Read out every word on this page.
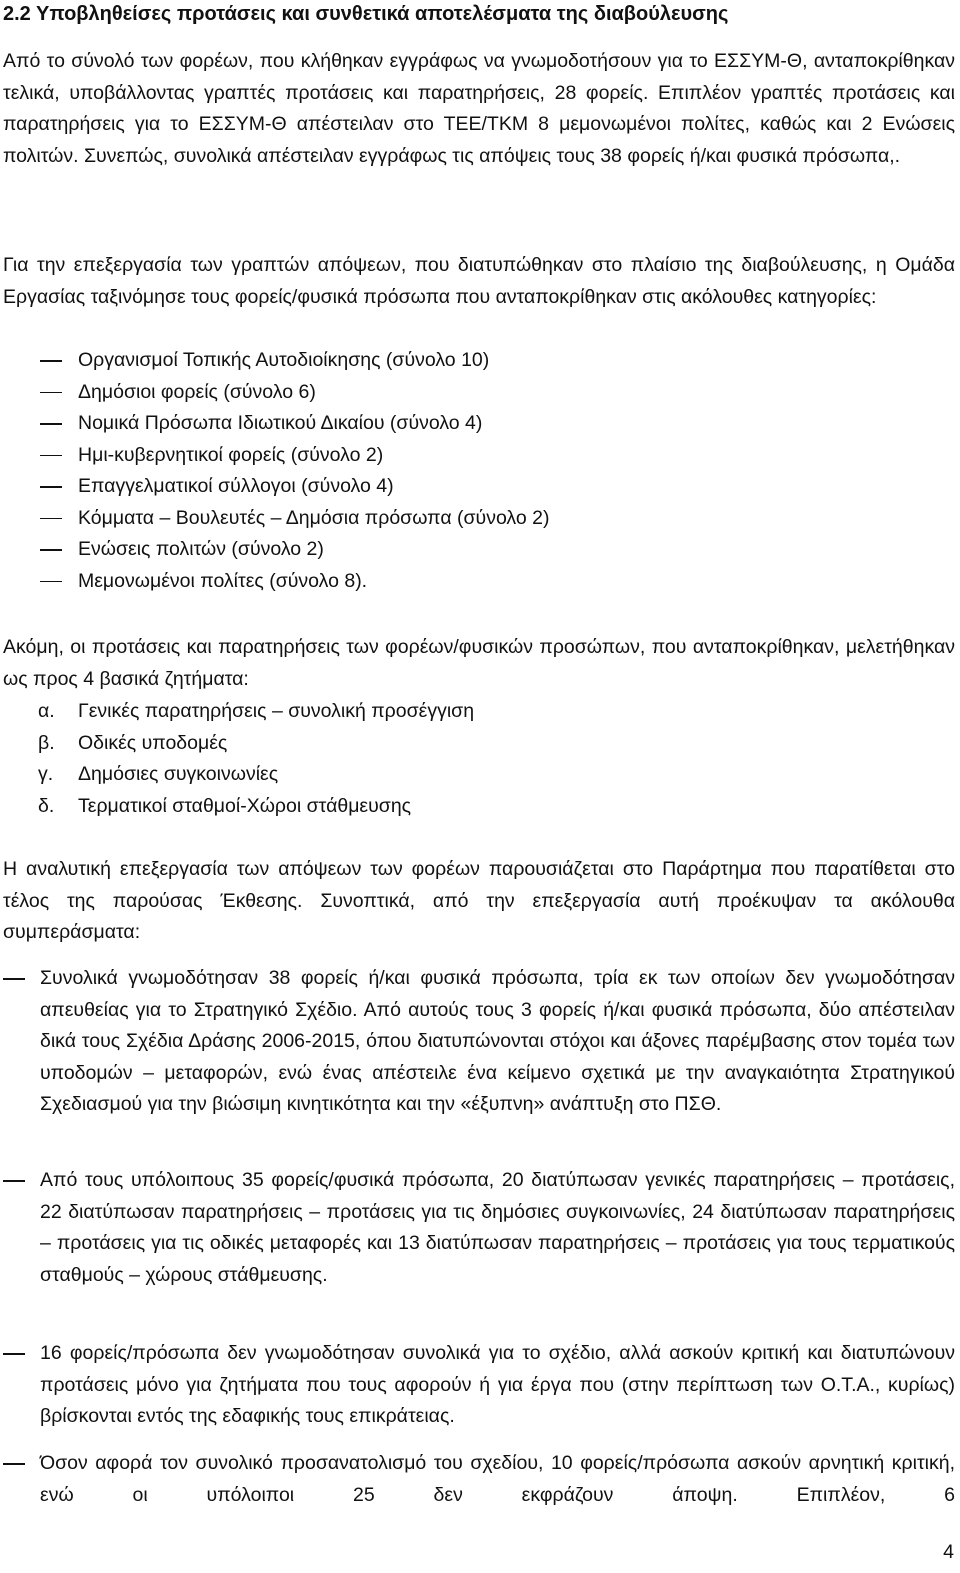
2.2 Υποβληθείσες προτάσεις και συνθετικά αποτελέσματα της διαβούλευσης
Από το σύνολό των φορέων, που κλήθηκαν εγγράφως να γνωμοδοτήσουν για το ΕΣΣΥΜ-Θ, ανταποκρίθηκαν τελικά, υποβάλλοντας γραπτές προτάσεις και παρατηρήσεις, 28 φορείς. Επιπλέον γραπτές προτάσεις και παρατηρήσεις για το ΕΣΣΥΜ-Θ απέστειλαν στο ΤΕΕ/ΤΚΜ 8 μεμονωμένοι πολίτες, καθώς και 2 Ενώσεις πολιτών. Συνεπώς, συνολικά απέστειλαν εγγράφως τις απόψεις τους 38 φορείς ή/και φυσικά πρόσωπα,.
Για την επεξεργασία των γραπτών απόψεων, που διατυπώθηκαν στο πλαίσιο της διαβούλευσης, η Ομάδα Εργασίας ταξινόμησε τους φορείς/φυσικά πρόσωπα που ανταποκρίθηκαν στις ακόλουθες κατηγορίες:
Οργανισμοί Τοπικής Αυτοδιοίκησης (σύνολο 10)
Δημόσιοι φορείς (σύνολο 6)
Νομικά Πρόσωπα Ιδιωτικού Δικαίου (σύνολο 4)
Ημι-κυβερνητικοί φορείς (σύνολο 2)
Επαγγελματικοί σύλλογοι (σύνολο 4)
Κόμματα – Βουλευτές – Δημόσια πρόσωπα (σύνολο 2)
Ενώσεις πολιτών (σύνολο 2)
Μεμονωμένοι πολίτες (σύνολο 8).
Ακόμη, οι προτάσεις και παρατηρήσεις των φορέων/φυσικών προσώπων, που ανταποκρίθηκαν, μελετήθηκαν ως προς 4 βασικά ζητήματα:
α. Γενικές παρατηρήσεις – συνολική προσέγγιση
β. Οδικές υποδομές
γ. Δημόσιες συγκοινωνίες
δ. Τερματικοί σταθμοί-Χώροι στάθμευσης
Η αναλυτική επεξεργασία των απόψεων των φορέων παρουσιάζεται στο Παράρτημα που παρατίθεται στο τέλος της παρούσας Έκθεσης. Συνοπτικά, από την επεξεργασία αυτή προέκυψαν τα ακόλουθα συμπεράσματα:
Συνολικά γνωμοδότησαν 38 φορείς ή/και φυσικά πρόσωπα, τρία εκ των οποίων δεν γνωμοδότησαν απευθείας για το Στρατηγικό Σχέδιο. Από αυτούς τους 3 φορείς ή/και φυσικά πρόσωπα, δύο απέστειλαν δικά τους Σχέδια Δράσης 2006-2015, όπου διατυπώνονται στόχοι και άξονες παρέμβασης στον τομέα των υποδομών – μεταφορών, ενώ ένας απέστειλε ένα κείμενο σχετικά με την αναγκαιότητα Στρατηγικού Σχεδιασμού για την βιώσιμη κινητικότητα και την «έξυπνη» ανάπτυξη στο ΠΣΘ.
Από τους υπόλοιπους 35 φορείς/φυσικά πρόσωπα, 20 διατύπωσαν γενικές παρατηρήσεις – προτάσεις, 22 διατύπωσαν παρατηρήσεις – προτάσεις για τις δημόσιες συγκοινωνίες, 24 διατύπωσαν παρατηρήσεις – προτάσεις για τις οδικές μεταφορές και 13 διατύπωσαν παρατηρήσεις – προτάσεις για τους τερματικούς σταθμούς – χώρους στάθμευσης.
16 φορείς/πρόσωπα δεν γνωμοδότησαν συνολικά για το σχέδιο, αλλά ασκούν κριτική και διατυπώνουν προτάσεις μόνο για ζητήματα που τους αφορούν ή για έργα που (στην περίπτωση των Ο.Τ.Α., κυρίως) βρίσκονται εντός της εδαφικής τους επικράτειας.
Όσον αφορά τον συνολικό προσανατολισμό του σχεδίου, 10 φορείς/πρόσωπα ασκούν αρνητική κριτική, ενώ οι υπόλοιποι 25 δεν εκφράζουν άποψη. Επιπλέον, 6
4
